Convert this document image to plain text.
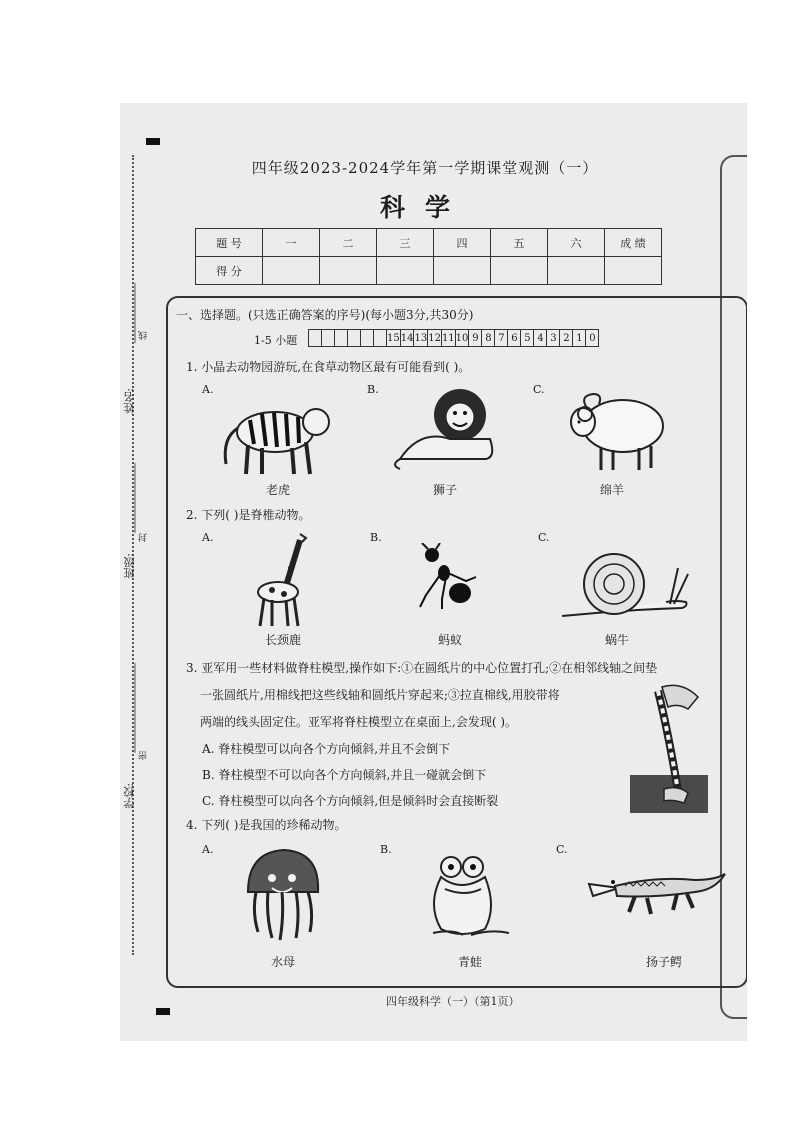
姓名:
班级:
学校:
线
封
密
四年级2023-2024学年第一学期课堂观测（一）
科学
题 号	一	二	三	四	五	六	成 绩
得 分							
一、选择题。(只选正确答案的序号)(每小题3分,共30分)
1-5 小题
							15	14	13	12	11	10	9	8	7	6	5	4	3	2	1	0
1. 小晶去动物园游玩,在食草动物区最有可能看到( )。
A.	B.	C.
老虎	狮子	绵羊
2. 下列( )是脊椎动物。
A.	B.	C.
长颈鹿	蚂蚁	蜗牛
3. 亚军用一些材料做脊柱模型,操作如下:①在圆纸片的中心位置打孔;②在相邻线轴之间垫
一张圆纸片,用棉线把这些线轴和圆纸片穿起来;③拉直棉线,用胶带将
两端的线头固定住。亚军将脊柱模型立在桌面上,会发现( )。
A. 脊柱模型可以向各个方向倾斜,并且不会倒下
B. 脊柱模型不可以向各个方向倾斜,并且一碰就会倒下
C. 脊柱模型可以向各个方向倾斜,但是倾斜时会直接断裂
4. 下列( )是我国的珍稀动物。
A.	B.	C.
水母	青蛙	扬子鳄
四年级科学（一）（第1页）
